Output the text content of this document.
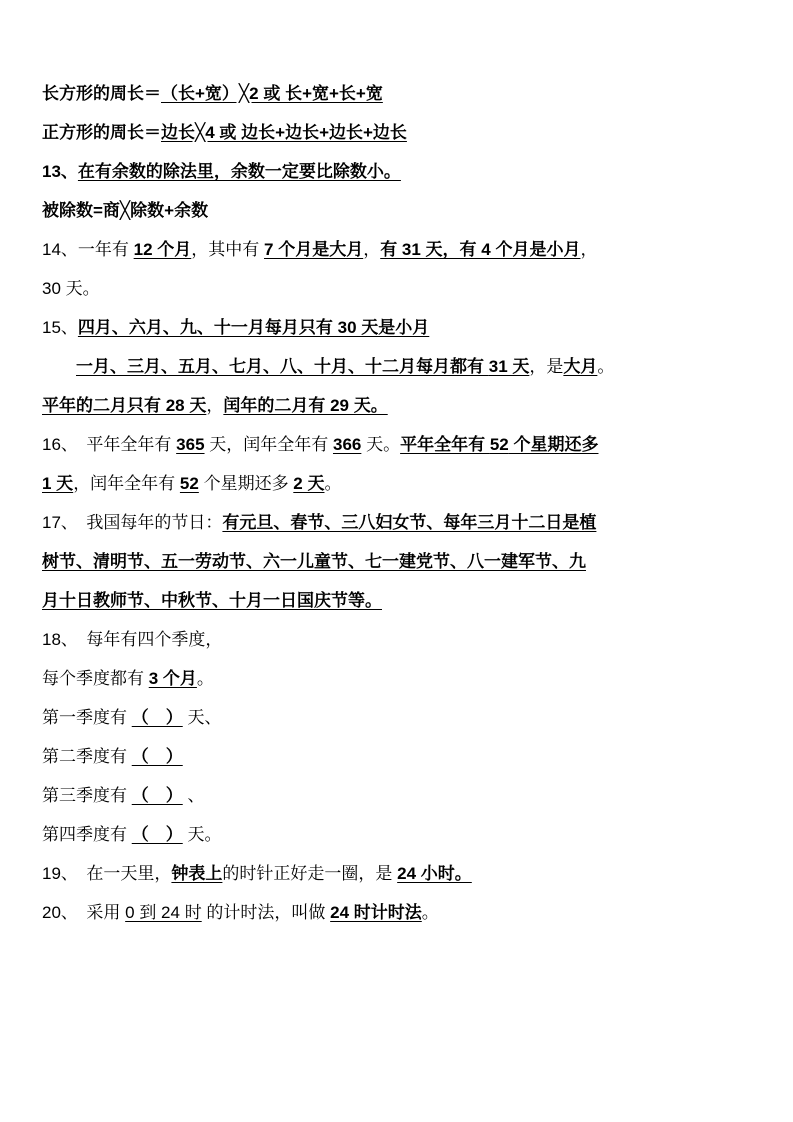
长方形的周长＝（长+宽）╳2 或 长+宽+长+宽
正方形的周长＝边长╳4 或 边长+边长+边长+边长
13、在有余数的除法里，余数一定要比除数小。
被除数=商╳除数+余数
14、一年有 12 个月，其中有 7 个月是大月，有 31 天，有 4 个月是小月，
30 天。
15、四月、六月、九、十一月每月只有 30 天是小月
一月、三月、五月、七月、八、十月、十二月每月都有 31 天，是大月。
平年的二月只有 28 天，闰年的二月有 29 天。
16、　平年全年有 365 天，闰年全年有 366 天。平年全年有 52 个星期还多
1 天，闰年全年有 52 个星期还多 2 天。
17、　我国每年的节日：有元旦、春节、三八妇女节、每年三月十二日是植
树节、清明节、五一劳动节、六一儿童节、七一建党节、八一建军节、九
月十日教师节、中秋节、十月一日国庆节等。
18、　每年有四个季度，
每个季度都有 3 个月。
第一季度有 （　） 天、
第二季度有 （　）
第三季度有 （　） 、
第四季度有 （　） 天。
19、　在一天里，钟表上的时针正好走一圈，是 24 小时。
20、　采用 0 到 24 时 的计时法，叫做 24 时计时法。
